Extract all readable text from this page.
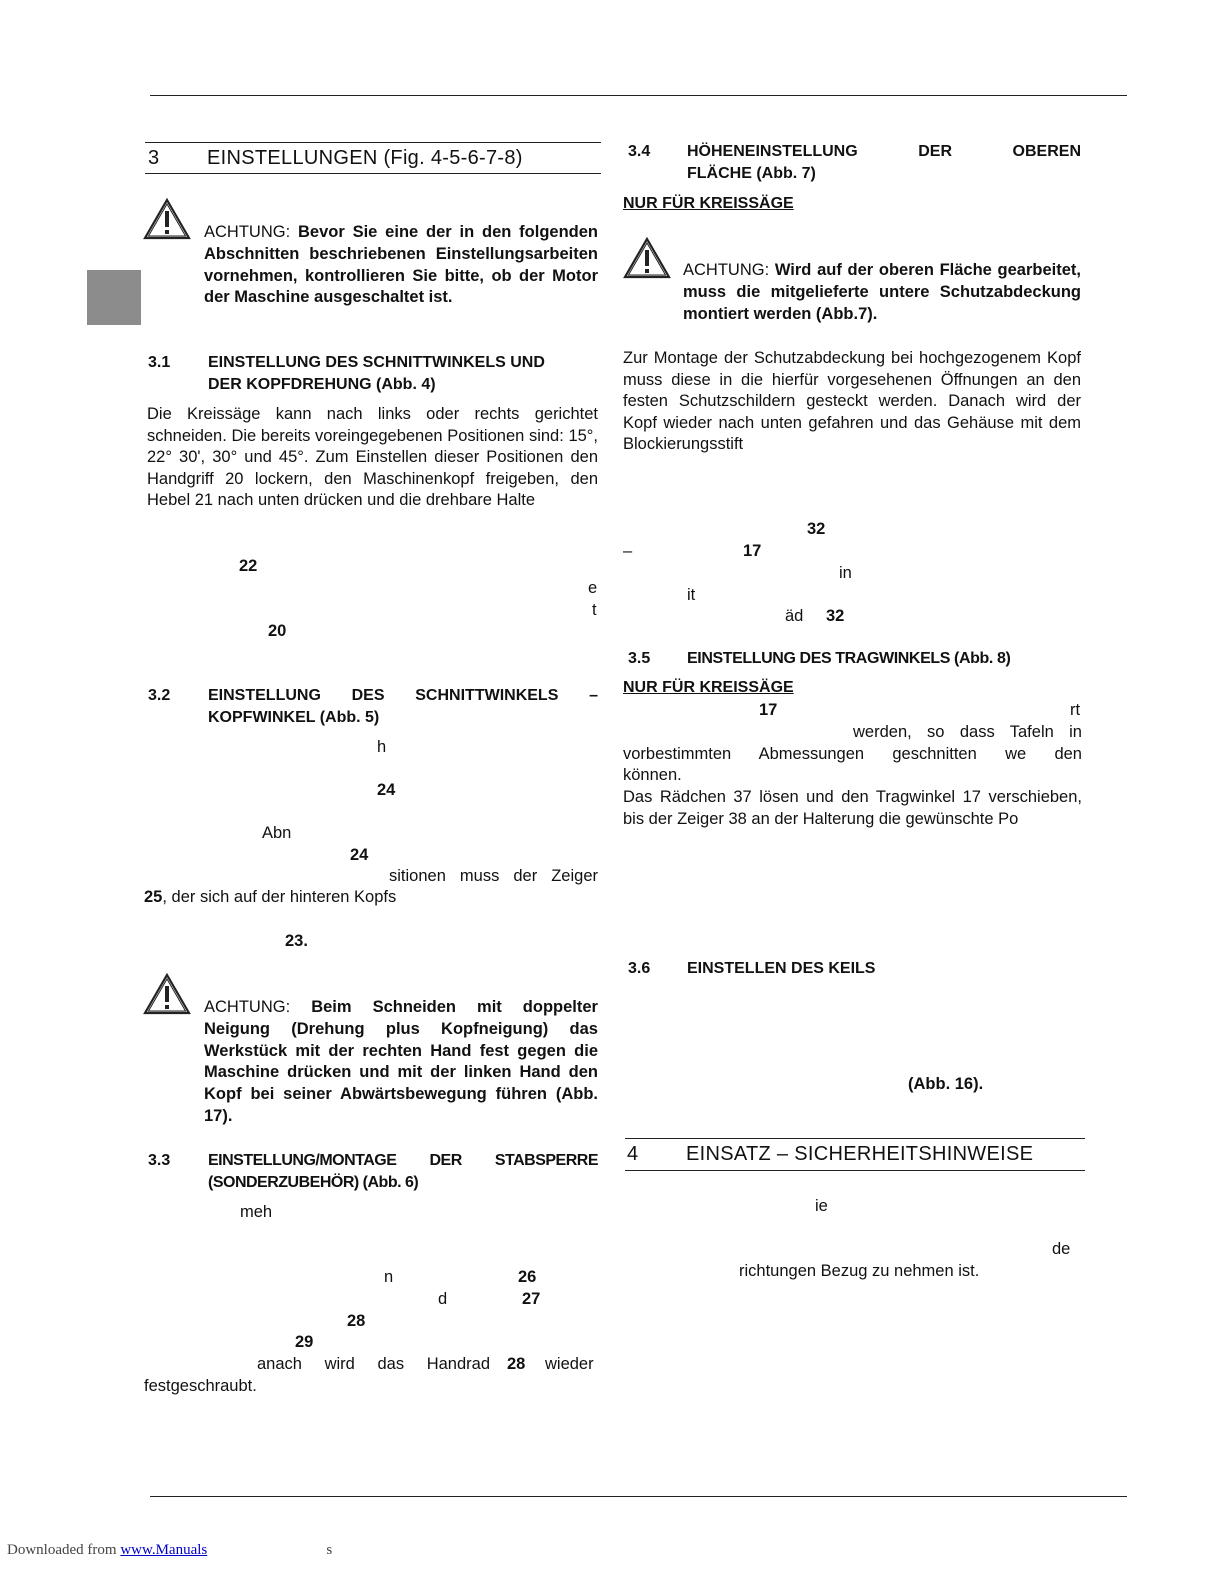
3 EINSTELLUNGEN (Fig. 4-5-6-7-8)
ACHTUNG: Bevor Sie eine der in den folgenden Abschnitten beschriebenen Einstellungsarbeiten vornehmen, kontrollieren Sie bitte, ob der Motor der Maschine ausgeschaltet ist.
3.1 EINSTELLUNG DES SCHNITTWINKELS UND
DER KOPFDREHUNG (Abb. 4)
Die Kreissäge kann nach links oder rechts gerichtet schneiden. Die bereits voreingegebenen Positionen sind: 15°, 22° 30', 30° und 45°. Zum Einstellen dieser Positionen den Handgriff 20 lockern, den Maschinenkopf freigeben, den Hebel 21 nach unten drücken und die drehbare Halte
22
e
t
20
3.2 EINSTELLUNG DES SCHNITTWINKELS –
KOPFWINKEL (Abb. 5)
h
24
Abn
24
sitionen muss der Zeiger
25, der sich auf der hinteren Kopfs
23.
ACHTUNG: Beim Schneiden mit doppelter Neigung (Drehung plus Kopfneigung) das Werkstück mit der rechten Hand fest gegen die Maschine drücken und mit der linken Hand den Kopf bei seiner Abwärtsbewegung führen (Abb. 17).
3.3 EINSTELLUNG/MONTAGE DER STABSPERRE
(SONDERZUBEHÖR) (Abb. 6)
meh
n	26
d	27
28
29
anach wird das Handrad 28 wieder
festgeschraubt.
3.4 HÖHENEINSTELLUNG DER OBEREN
FLÄCHE (Abb. 7)
NUR FÜR KREISSÄGE
ACHTUNG: Wird auf der oberen Fläche gearbeitet, muss die mitgelieferte untere Schutzabdeckung montiert werden (Abb.7).
Zur Montage der Schutzabdeckung bei hochgezogenem Kopf muss diese in die hierfür vorgesehenen Öffnungen an den festen Schutzschildern gesteckt werden. Danach wird der Kopf wieder nach unten gefahren und das Gehäuse mit dem Blockierungsstift
32
–	17
in
it
äd 32
3.5 EINSTELLUNG DES TRAGWINKELS (Abb. 8)
NUR FÜR KREISSÄGE
17	rt
werden, so dass Tafeln in
vorbestimmten Abmessungen geschnitten we den
können.
Das Rädchen 37 lösen und den Tragwinkel 17 verschieben, bis der Zeiger 38 an der Halterung die gewünschte Po
3.6 EINSTELLEN DES KEILS
(Abb. 16).
4 EINSATZ – SICHERHEITSHINWEISE
ie
de
richtungen Bezug zu nehmen ist.
Downloaded from www.Manuals	s
